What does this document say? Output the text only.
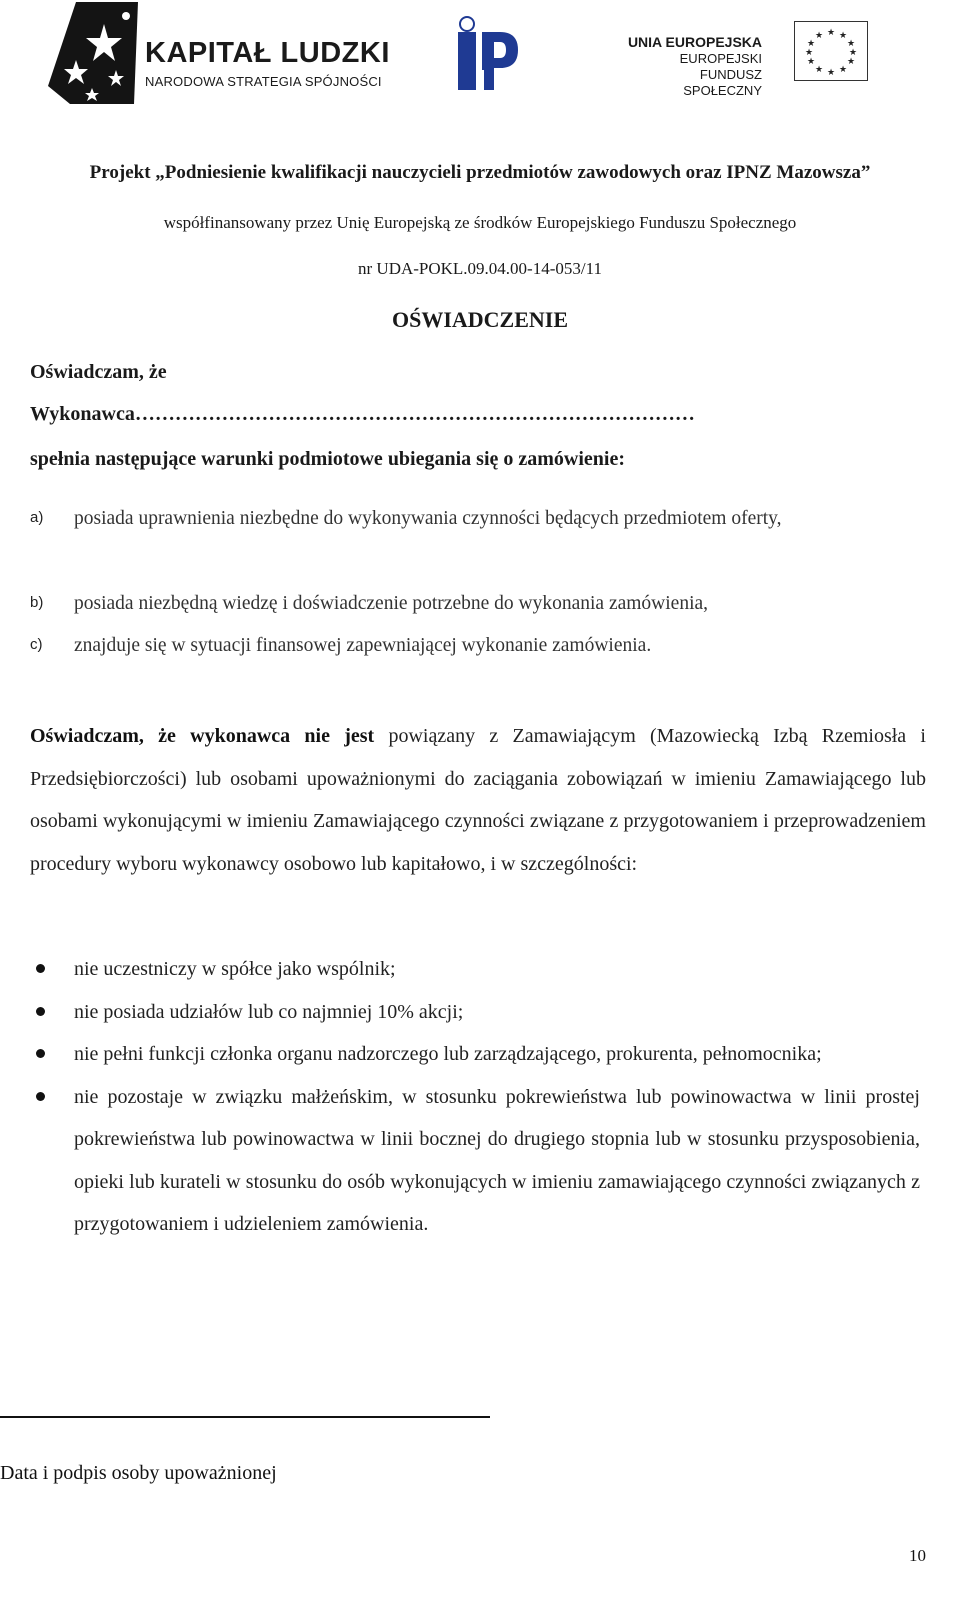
KAPITAŁ LUDZKI
NARODOWA STRATEGIA SPÓJNOŚCI
UNIA EUROPEJSKA
EUROPEJSKI
FUNDUSZ SPOŁECZNY
★ ★
★
★
★
★
★
★
★
★
★
★
Projekt „Podniesienie kwalifikacji nauczycieli przedmiotów zawodowych oraz IPNZ Mazowsza”
współfinansowany przez Unię Europejską ze środków Europejskiego Funduszu Społecznego
nr UDA-POKL.09.04.00-14-053/11
OŚWIADCZENIE
Oświadczam, że
Wykonawca…………………………………………………………………………
spełnia następujące warunki podmiotowe ubiegania się o zamówienie:
a) posiada uprawnienia niezbędne do wykonywania czynności będących przedmiotem oferty,
b) posiada niezbędną wiedzę i doświadczenie potrzebne do wykonania zamówienia,
c) znajduje się w sytuacji finansowej zapewniającej wykonanie zamówienia.
Oświadczam, że wykonawca nie jest powiązany z Zamawiającym (Mazowiecką Izbą Rzemiosła i Przedsiębiorczości) lub osobami upoważnionymi do zaciągania zobowiązań w imieniu Zamawiającego lub osobami wykonującymi w imieniu Zamawiającego czynności związane z przygotowaniem i przeprowadzeniem procedury wyboru wykonawcy osobowo lub kapitałowo, i w szczególności:
nie uczestniczy w spółce jako wspólnik;
nie posiada udziałów lub co najmniej 10% akcji;
nie pełni funkcji członka organu nadzorczego lub zarządzającego, prokurenta, pełnomocnika;
nie pozostaje w związku małżeńskim, w stosunku pokrewieństwa lub powinowactwa w linii prostej pokrewieństwa lub powinowactwa w linii bocznej do drugiego stopnia lub w stosunku przysposobienia, opieki lub kurateli w stosunku do osób wykonujących w imieniu zamawiającego czynności związanych z przygotowaniem i udzieleniem zamówienia.
Data i podpis osoby upoważnionej
10
